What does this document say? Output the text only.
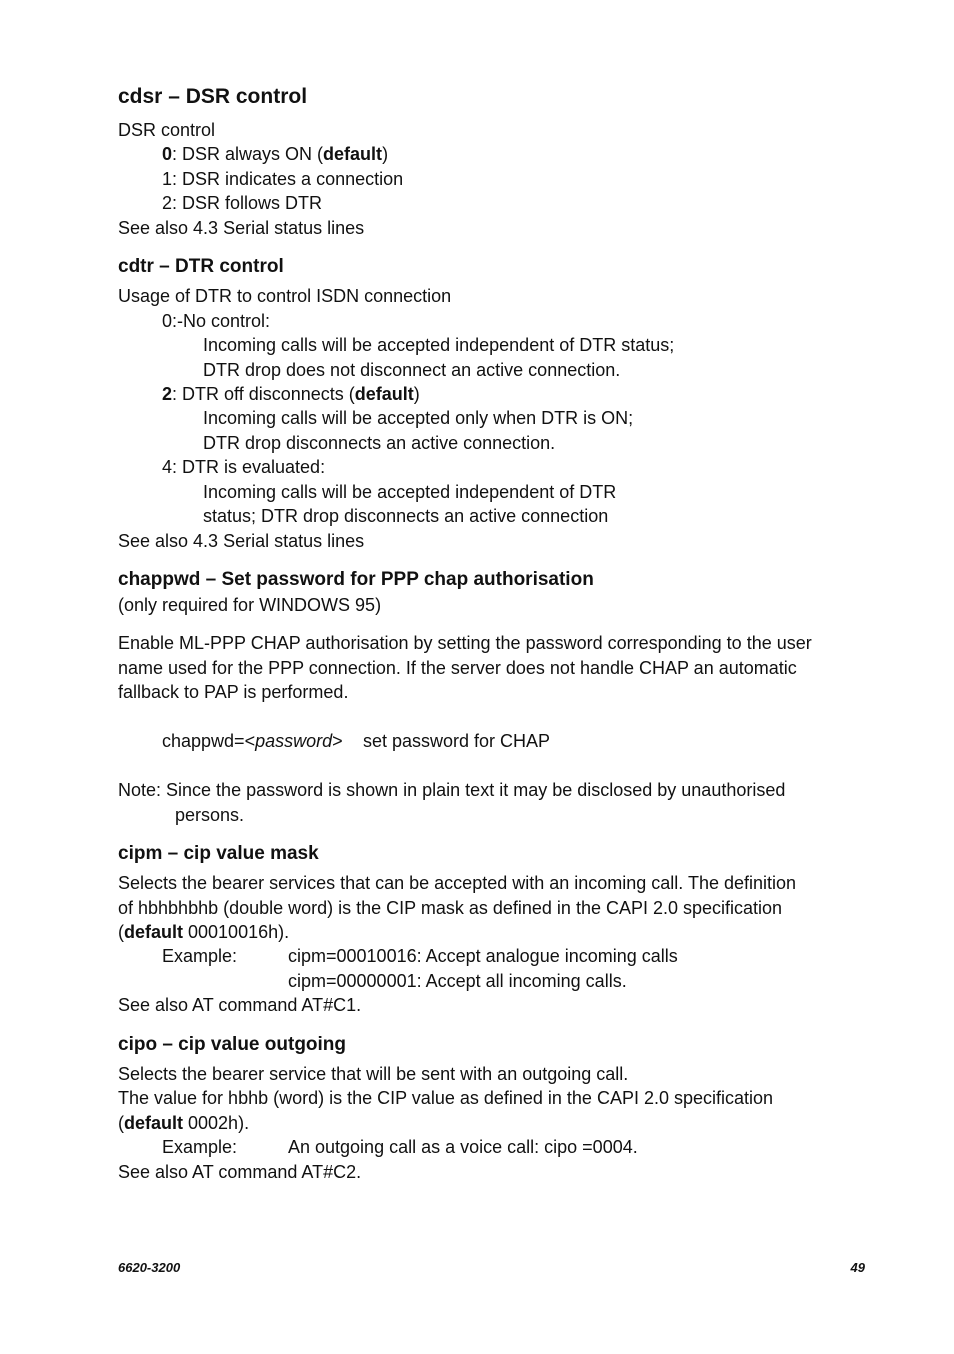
cdsr – DSR control
DSR control
0: DSR always ON (default)
1: DSR indicates a connection
2: DSR follows DTR
See also 4.3 Serial status lines
cdtr – DTR control
Usage of DTR to control ISDN connection
0:-No control:
Incoming calls will be accepted independent of DTR status;
DTR drop does not disconnect an active connection.
2: DTR off disconnects (default)
Incoming calls will be accepted only when DTR is ON;
DTR drop disconnects an active connection.
4: DTR is evaluated:
Incoming calls will be accepted independent of DTR
status; DTR drop disconnects an active connection
See also 4.3 Serial status lines
chappwd – Set password for PPP chap authorisation
(only required for WINDOWS 95)
Enable ML-PPP CHAP authorisation by setting the password corresponding to the user
name used for the PPP connection. If the server does not handle CHAP an automatic
fallback to PAP is performed.
chappwd=<password> set password for CHAP
Note: Since the password is shown in plain text it may be disclosed by unauthorised
persons.
cipm – cip value mask
Selects the bearer services that can be accepted with an incoming call. The definition
of hbhbhbhb (double word) is the CIP mask as defined in the CAPI 2.0 specification
(default 00010016h).
Example:	cipm=00010016: Accept analogue incoming calls
cipm=00000001: Accept all incoming calls.
See also AT command AT#C1.
cipo – cip value outgoing
Selects the bearer service that will be sent with an outgoing call.
The value for hbhb (word) is the CIP value as defined in the CAPI 2.0 specification
(default 0002h).
Example:	An outgoing call as a voice call: cipo =0004.
See also AT command AT#C2.
6620-3200	49
